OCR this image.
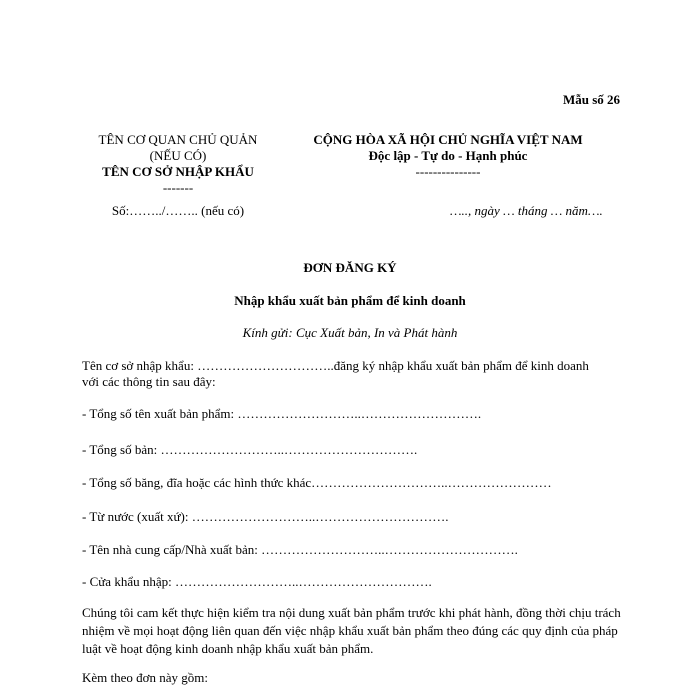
Mẫu số 26
TÊN CƠ QUAN CHỦ QUẢN
(NẾU CÓ)
TÊN CƠ SỞ NHẬP KHẨU
-------
Số:……../…….. (nếu có)
CỘNG HÒA XÃ HỘI CHỦ NGHĨA VIỆT NAM
Độc lập - Tự do - Hạnh phúc
---------------
….., ngày … tháng … năm….
ĐƠN ĐĂNG KÝ
Nhập khẩu xuất bản phẩm để kinh doanh
Kính gửi: Cục Xuất bản, In và Phát hành
Tên cơ sở nhập khẩu: …………………………..đăng ký nhập khẩu xuất bản phẩm để kinh doanh
với các thông tin sau đây:
- Tổng số tên xuất bản phẩm: ………………………..……………………….
- Tổng số bản: ………………………..………………………….
- Tổng số băng, đĩa hoặc các hình thức khác…………………………..……………………
- Từ nước (xuất xứ): ………………………..………………………….
- Tên nhà cung cấp/Nhà xuất bản: ………………………..………………………….
- Cửa khẩu nhập: ………………………..………………………….
Chúng tôi cam kết thực hiện kiểm tra nội dung xuất bản phẩm trước khi phát hành, đồng thời chịu trách nhiệm về mọi hoạt động liên quan đến việc nhập khẩu xuất bản phẩm theo đúng các quy định của pháp luật về hoạt động kinh doanh nhập khẩu xuất bản phẩm.
Kèm theo đơn này gồm:
